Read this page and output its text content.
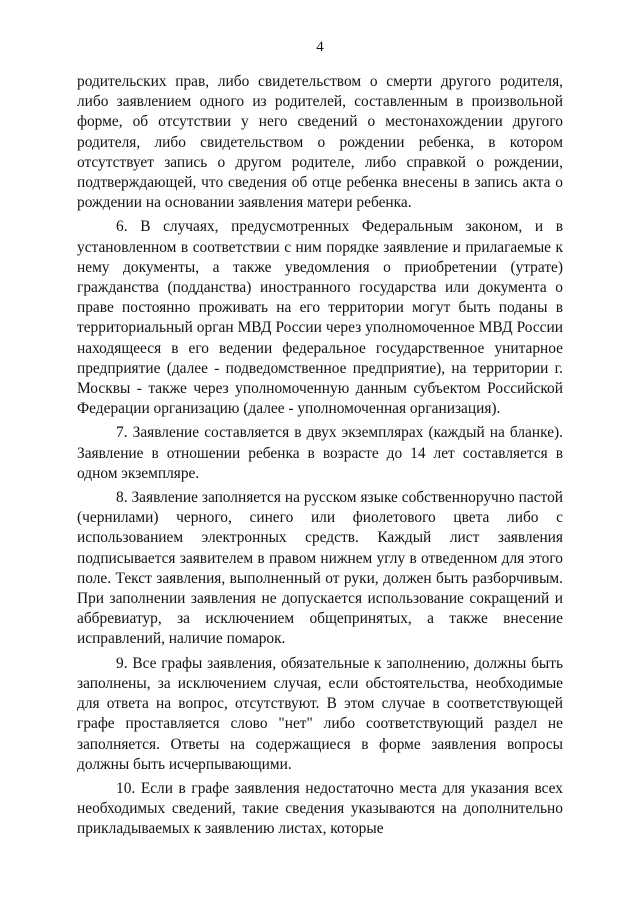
4

родительских прав, либо свидетельством о смерти другого родителя, либо заявлением одного из родителей, составленным в произвольной форме, об отсутствии у него сведений о местонахождении другого родителя, либо свидетельством о рождении ребенка, в котором отсутствует запись о другом родителе, либо справкой о рождении, подтверждающей, что сведения об отце ребенка внесены в запись акта о рождении на основании заявления матери ребенка.

6. В случаях, предусмотренных Федеральным законом, и в установленном в соответствии с ним порядке заявление и прилагаемые к нему документы, а также уведомления о приобретении (утрате) гражданства (подданства) иностранного государства или документа о праве постоянно проживать на его территории могут быть поданы в территориальный орган МВД России через уполномоченное МВД России находящееся в его ведении федеральное государственное унитарное предприятие (далее - подведомственное предприятие), на территории г. Москвы - также через уполномоченную данным субъектом Российской Федерации организацию (далее - уполномоченная организация).

7. Заявление составляется в двух экземплярах (каждый на бланке). Заявление в отношении ребенка в возрасте до 14 лет составляется в одном экземпляре.

8. Заявление заполняется на русском языке собственноручно пастой (чернилами) черного, синего или фиолетового цвета либо с использованием электронных средств. Каждый лист заявления подписывается заявителем в правом нижнем углу в отведенном для этого поле. Текст заявления, выполненный от руки, должен быть разборчивым. При заполнении заявления не допускается использование сокращений и аббревиатур, за исключением общепринятых, а также внесение исправлений, наличие помарок.

9. Все графы заявления, обязательные к заполнению, должны быть заполнены, за исключением случая, если обстоятельства, необходимые для ответа на вопрос, отсутствуют. В этом случае в соответствующей графе проставляется слово "нет" либо соответствующий раздел не заполняется. Ответы на содержащиеся в форме заявления вопросы должны быть исчерпывающими.

10. Если в графе заявления недостаточно места для указания всех необходимых сведений, такие сведения указываются на дополнительно прикладываемых к заявлению листах, которые
